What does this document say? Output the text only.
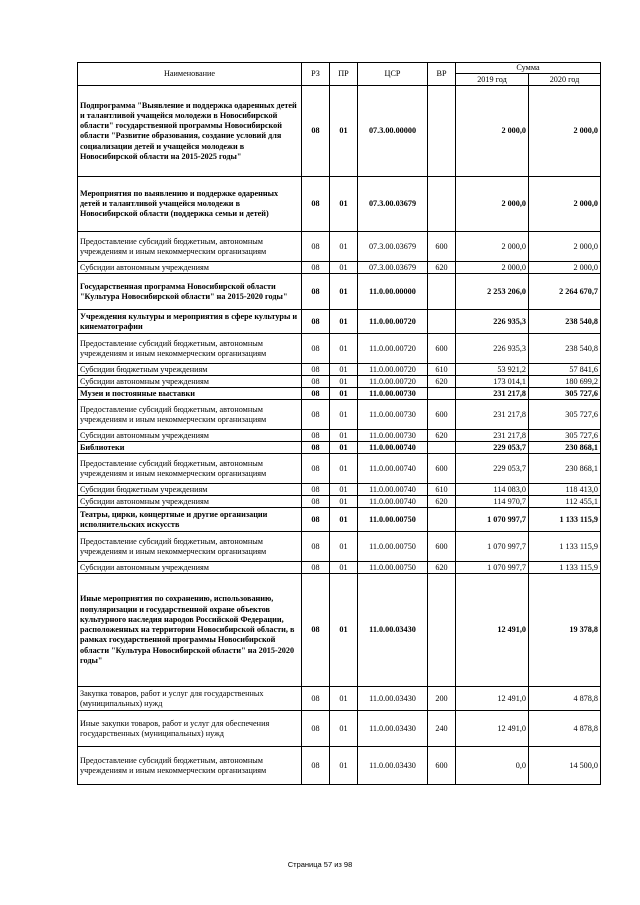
Наименование	РЗ	ПР	ЦСР	ВР	Сумма	
					2019 год	2020 год
Подпрограмма "Выявление и поддержка одаренных детей и талантливой учащейся молодежи в Новосибирской области" государственной программы Новосибирской области "Развитие образования, создание условий для социализации детей и учащейся молодежи в Новосибирской области на 2015-2025 годы"	08	01	07.3.00.00000		2 000,0	2 000,0
Мероприятия по выявлению и поддержке одаренных детей и талантливой учащейся молодежи в Новосибирской области (поддержка семьи и детей)	08	01	07.3.00.03679		2 000,0	2 000,0
Предоставление субсидий бюджетным, автономным учреждениям и иным некоммерческим организациям	08	01	07.3.00.03679	600	2 000,0	2 000,0
Субсидии автономным учреждениям	08	01	07.3.00.03679	620	2 000,0	2 000,0
Государственная программа Новосибирской области "Культура Новосибирской области" на 2015-2020 годы"	08	01	11.0.00.00000		2 253 206,0	2 264 670,7
Учреждения культуры и мероприятия в сфере культуры и кинематографии	08	01	11.0.00.00720		226 935,3	238 540,8
Предоставление субсидий бюджетным, автономным учреждениям и иным некоммерческим организациям	08	01	11.0.00.00720	600	226 935,3	238 540,8
Субсидии бюджетным учреждениям	08	01	11.0.00.00720	610	53 921,2	57 841,6
Субсидии автономным учреждениям	08	01	11.0.00.00720	620	173 014,1	180 699,2
Музеи и постоянные выставки	08	01	11.0.00.00730		231 217,8	305 727,6
Предоставление субсидий бюджетным, автономным учреждениям и иным некоммерческим организациям	08	01	11.0.00.00730	600	231 217,8	305 727,6
Субсидии автономным учреждениям	08	01	11.0.00.00730	620	231 217,8	305 727,6
Библиотеки	08	01	11.0.00.00740		229 053,7	230 868,1
Предоставление субсидий бюджетным, автономным учреждениям и иным некоммерческим организациям	08	01	11.0.00.00740	600	229 053,7	230 868,1
Субсидии бюджетным учреждениям	08	01	11.0.00.00740	610	114 083,0	118 413,0
Субсидии автономным учреждениям	08	01	11.0.00.00740	620	114 970,7	112 455,1
Театры, цирки, концертные и другие организации исполнительских искусств	08	01	11.0.00.00750		1 070 997,7	1 133 115,9
Предоставление субсидий бюджетным, автономным учреждениям и иным некоммерческим организациям	08	01	11.0.00.00750	600	1 070 997,7	1 133 115,9
Субсидии автономным учреждениям	08	01	11.0.00.00750	620	1 070 997,7	1 133 115,9
Иные мероприятия по сохранению, использованию, популяризации и государственной охране объектов культурного наследия народов Российской Федерации, расположенных на территории Новосибирской области, в рамках государственной программы Новосибирской области "Культура Новосибирской области" на 2015-2020 годы"	08	01	11.0.00.03430		12 491,0	19 378,8
Закупка товаров, работ и услуг для государственных (муниципальных) нужд	08	01	11.0.00.03430	200	12 491,0	4 878,8
Иные закупки товаров, работ и услуг для обеспечения государственных (муниципальных) нужд	08	01	11.0.00.03430	240	12 491,0	4 878,8
Предоставление субсидий бюджетным, автономным учреждениям и иным некоммерческим организациям	08	01	11.0.00.03430	600	0,0	14 500,0
Страница 57 из 98
